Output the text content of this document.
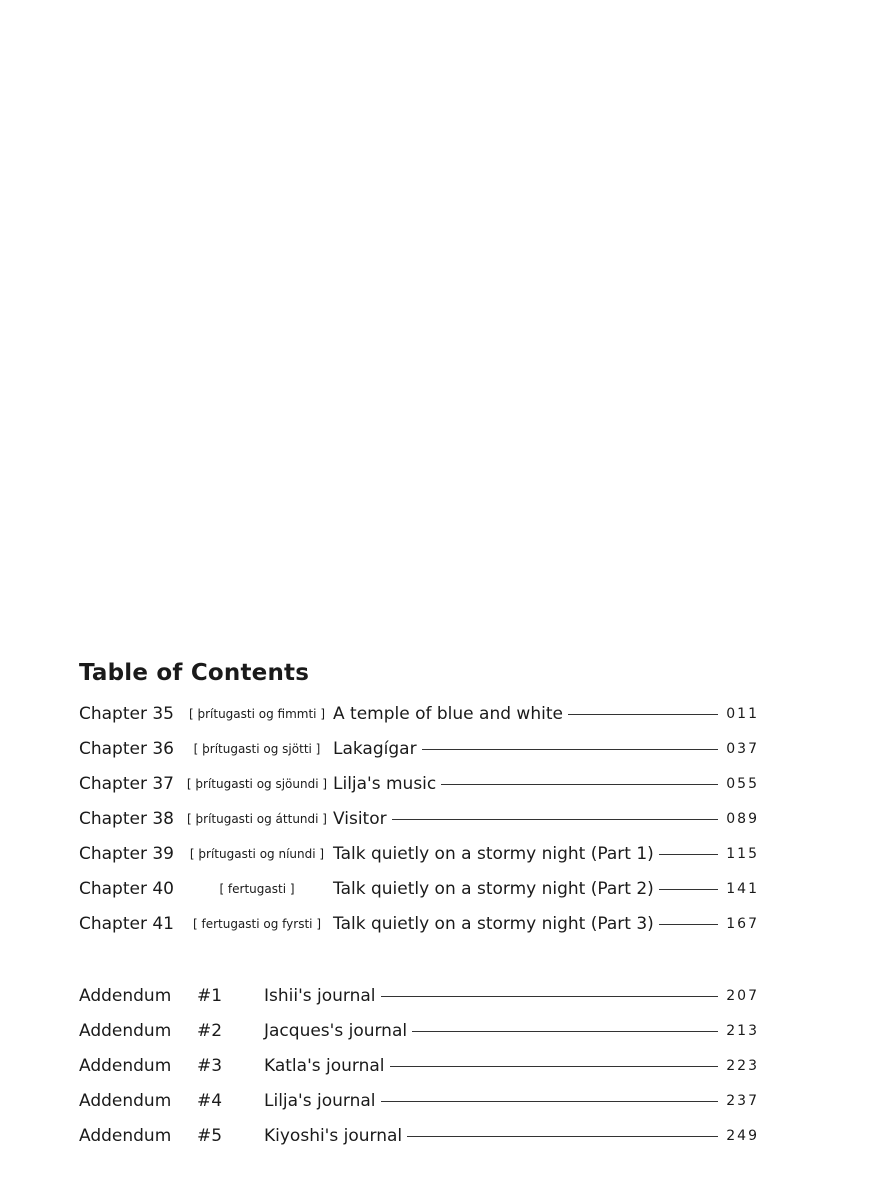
Table of Contents
Chapter 35	[ þrítugasti og fimmti ] A temple of blue and white	011
Chapter 36	[ þrítugasti og sjötti ] Lakagígar	037
Chapter 37	[ þrítugasti og sjöundi ] Lilja's music	055
Chapter 38	[ þrítugasti og áttundi ] Visitor	089
Chapter 39	[ þrítugasti og níundi ] Talk quietly on a stormy night (Part 1)	115
Chapter 40	[ fertugasti ]	Talk quietly on a stormy night (Part 2)	141
Chapter 41	[ fertugasti og fyrsti ] Talk quietly on a stormy night (Part 3)	167
Addendum	#1	Ishii's journal	207
Addendum	#2	Jacques's journal	213
Addendum	#3	Katla's journal	223
Addendum	#4	Lilja's journal	237
Addendum	#5	Kiyoshi's journal	249
